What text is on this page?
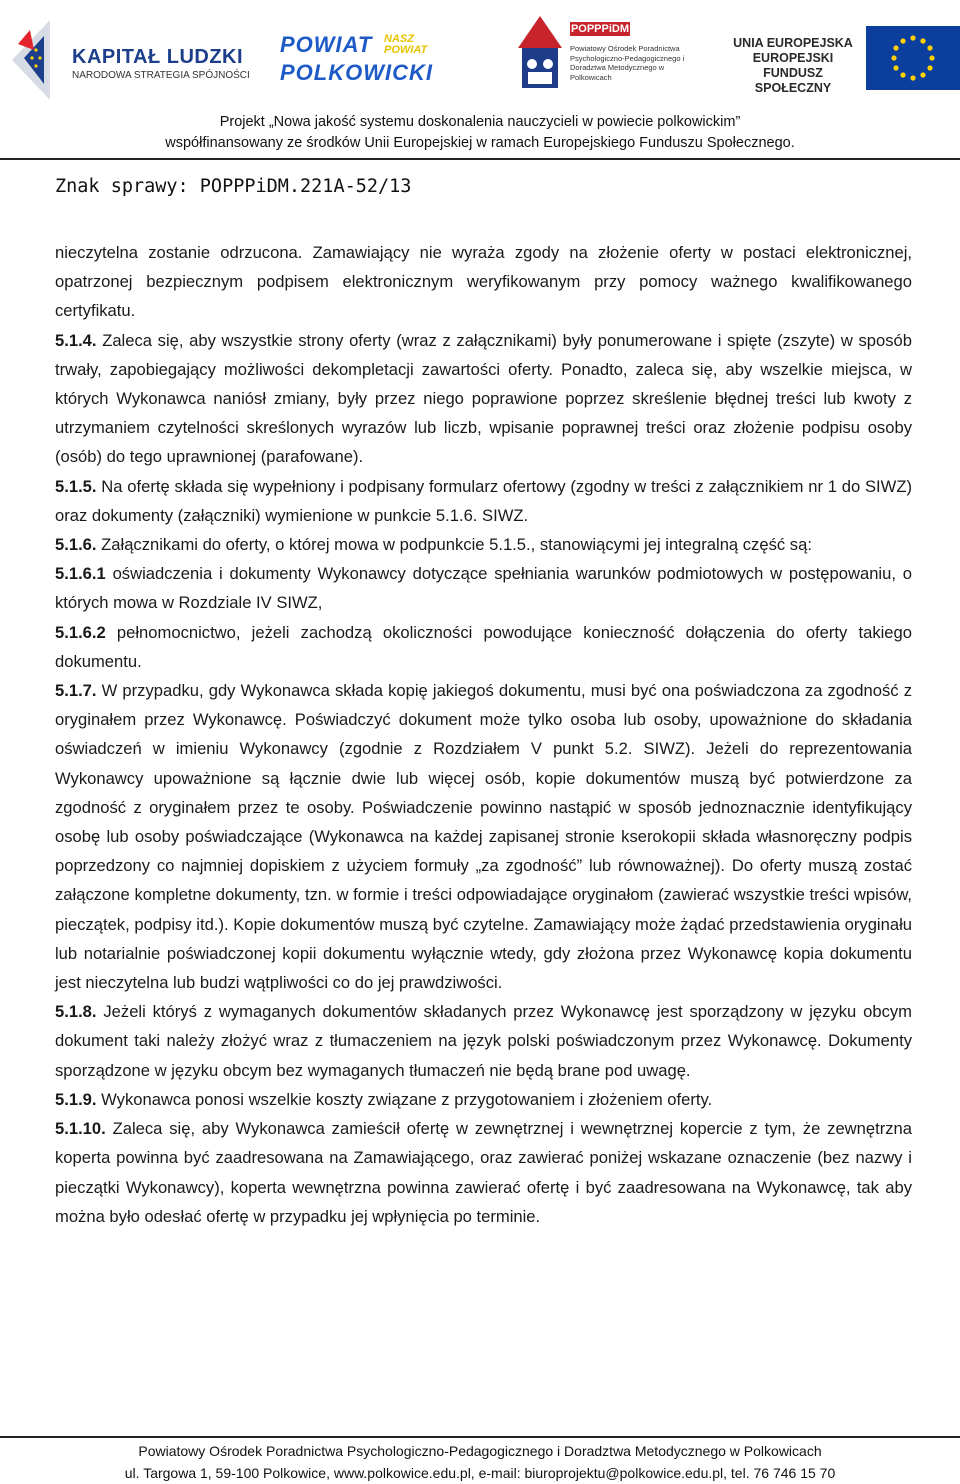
KAPITAŁ LUDZKI
NARODOWA STRATEGIA SPÓJNOŚCI
POWIAT
POLKOWICKI
NASZ POWIAT
POPPPiDM
Powiatowy Ośrodek Poradnictwa Psychologiczno-Pedagogicznego i Doradztwa Metodycznego w Polkowicach
UNIA EUROPEJSKA EUROPEJSKI FUNDUSZ SPOŁECZNY
Projekt „Nowa jakość systemu doskonalenia nauczycieli w powiecie polkowickim”
współfinansowany ze środków Unii Europejskiej w ramach Europejskiego Funduszu Społecznego.
Znak sprawy: POPPPiDM.221A-52/13

nieczytelna zostanie odrzucona. Zamawiający nie wyraża zgody na złożenie oferty w postaci elektronicznej, opatrzonej bezpiecznym podpisem elektronicznym weryfikowanym przy pomocy ważnego kwalifikowanego certyfikatu.

5.1.4. Zaleca się, aby wszystkie strony oferty (wraz z załącznikami) były ponumerowane i spięte (zszyte) w sposób trwały, zapobiegający możliwości dekompletacji zawartości oferty. Ponadto, zaleca się, aby wszelkie miejsca, w których Wykonawca naniósł zmiany, były przez niego poprawione poprzez skreślenie błędnej treści lub kwoty z utrzymaniem czytelności skreślonych wyrazów lub liczb, wpisanie poprawnej treści oraz złożenie podpisu osoby (osób) do tego uprawnionej (parafowane).

5.1.5. Na ofertę składa się wypełniony i podpisany formularz ofertowy (zgodny w treści z załącznikiem nr 1 do SIWZ) oraz dokumenty (załączniki) wymienione w punkcie 5.1.6. SIWZ.

5.1.6. Załącznikami do oferty, o której mowa w podpunkcie 5.1.5., stanowiącymi jej integralną część są:

5.1.6.1 oświadczenia i dokumenty Wykonawcy dotyczące spełniania warunków podmiotowych w postępowaniu, o których mowa w Rozdziale IV SIWZ,

5.1.6.2 pełnomocnictwo, jeżeli zachodzą okoliczności powodujące konieczność dołączenia do oferty takiego dokumentu.

5.1.7. W przypadku, gdy Wykonawca składa kopię jakiegoś dokumentu, musi być ona poświadczona za zgodność z oryginałem przez Wykonawcę. Poświadczyć dokument może tylko osoba lub osoby, upoważnione do składania oświadczeń w imieniu Wykonawcy (zgodnie z Rozdziałem V punkt 5.2. SIWZ). Jeżeli do reprezentowania Wykonawcy upoważnione są łącznie dwie lub więcej osób, kopie dokumentów muszą być potwierdzone za zgodność z oryginałem przez te osoby. Poświadczenie powinno nastąpić w sposób jednoznacznie identyfikujący osobę lub osoby poświadczające (Wykonawca na każdej zapisanej stronie kserokopii składa własnoręczny podpis poprzedzony co najmniej dopiskiem z użyciem formuły „za zgodność” lub równoważnej). Do oferty muszą zostać załączone kompletne dokumenty, tzn. w formie i treści odpowiadające oryginałom (zawierać wszystkie treści wpisów, pieczątek, podpisy itd.). Kopie dokumentów muszą być czytelne. Zamawiający może żądać przedstawienia oryginału lub notarialnie poświadczonej kopii dokumentu wyłącznie wtedy, gdy złożona przez Wykonawcę kopia dokumentu jest nieczytelna lub budzi wątpliwości co do jej prawdziwości.

5.1.8. Jeżeli któryś z wymaganych dokumentów składanych przez Wykonawcę jest sporządzony w języku obcym dokument taki należy złożyć wraz z tłumaczeniem na język polski poświadczonym przez Wykonawcę. Dokumenty sporządzone w języku obcym bez wymaganych tłumaczeń nie będą brane pod uwagę.

5.1.9. Wykonawca ponosi wszelkie koszty związane z przygotowaniem i złożeniem oferty.

5.1.10. Zaleca się, aby Wykonawca zamieścił ofertę w zewnętrznej i wewnętrznej kopercie z tym, że zewnętrzna koperta powinna być zaadresowana na Zamawiającego, oraz zawierać poniżej wskazane oznaczenie (bez nazwy i pieczątki Wykonawcy), koperta wewnętrzna powinna zawierać ofertę i być zaadresowana na Wykonawcę, tak aby można było odesłać ofertę w przypadku jej wpłynięcia po terminie.

Powiatowy Ośrodek Poradnictwa Psychologiczno-Pedagogicznego i Doradztwa Metodycznego w Polkowicach
ul. Targowa 1, 59-100 Polkowice, www.polkowice.edu.pl, e-mail: biuroprojektu@polkowice.edu.pl, tel. 76 746 15 70
